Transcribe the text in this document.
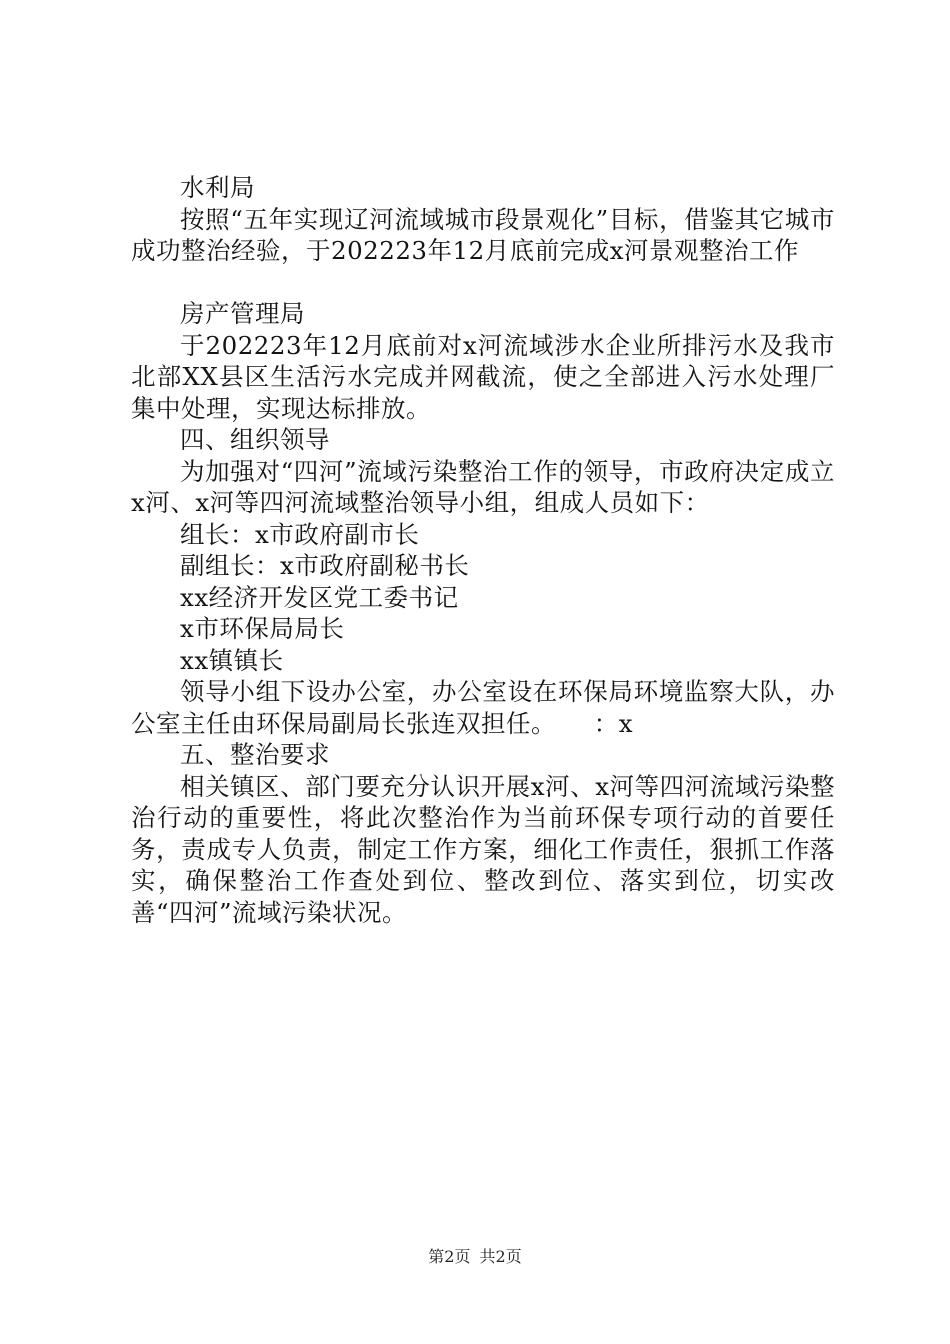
水利局

按照“五年实现辽河流域城市段景观化”目标，借鉴其它城市成功整治经验，于202223年12月底前完成x河景观整治工作

房产管理局

于202223年12月底前对x河流域涉水企业所排污水及我市北部XX县区生活污水完成并网截流，使之全部进入污水处理厂集中处理，实现达标排放。

四、组织领导

为加强对“四河”流域污染整治工作的领导，市政府决定成立x河、x河等四河流域整治领导小组，组成人员如下：

组长：x市政府副市长

副组长：x市政府副秘书长

xx经济开发区党工委书记

x市环保局局长

xx镇镇长

领导小组下设办公室，办公室设在环保局环境监察大队，办公室主任由环保局副局长张连双担任。　　：x

五、整治要求

相关镇区、部门要充分认识开展x河、x河等四河流域污染整治行动的重要性，将此次整治作为当前环保专项行动的首要任务，责成专人负责，制定工作方案，细化工作责任，狠抓工作落实，确保整治工作查处到位、整改到位、落实到位，切实改善“四河”流域污染状况。

第2页 共2页
